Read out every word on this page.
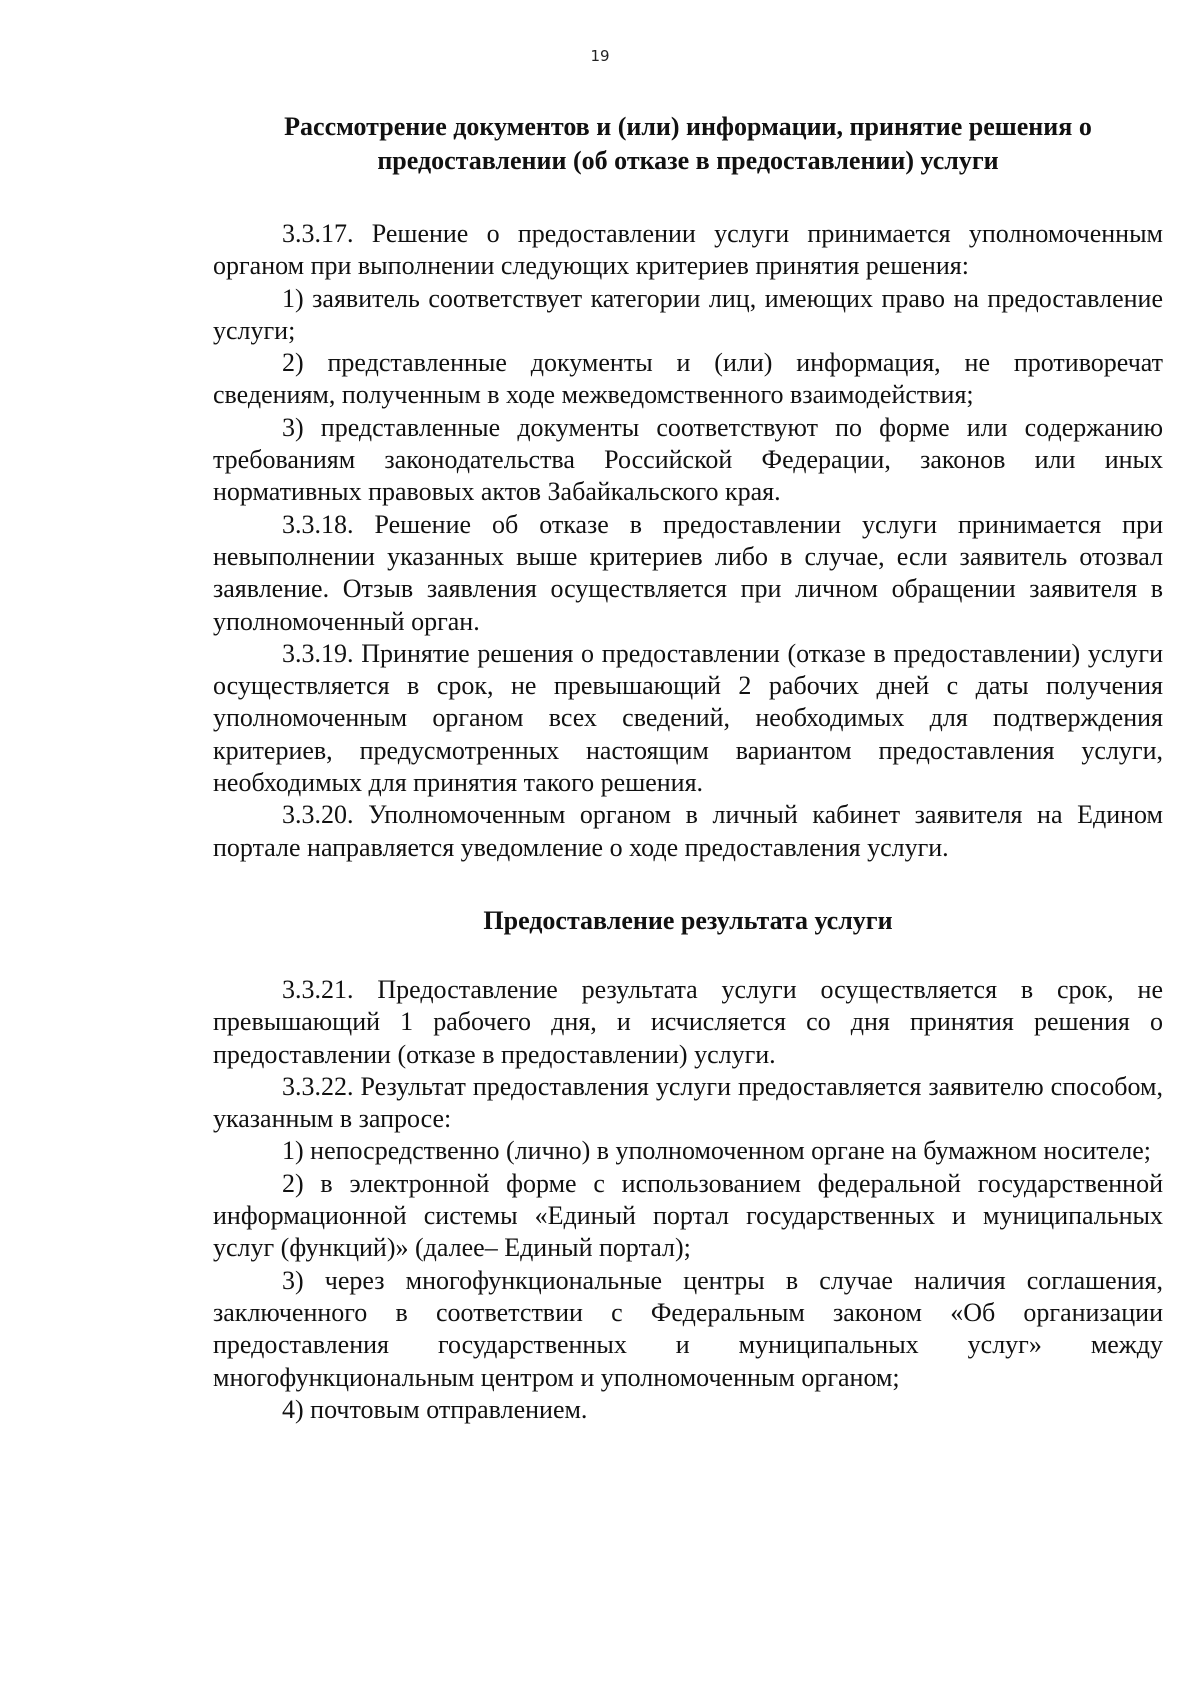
19
Рассмотрение документов и (или) информации, принятие решения о предоставлении (об отказе в предоставлении) услуги

3.3.17. Решение о предоставлении услуги принимается уполномоченным органом при выполнении следующих критериев принятия решения:

1) заявитель соответствует категории лиц, имеющих право на предоставление услуги;

2) представленные документы и (или) информация, не противоречат сведениям, полученным в ходе межведомственного взаимодействия;

3) представленные документы соответствуют по форме или содержанию требованиям законодательства Российской Федерации, законов или иных нормативных правовых актов Забайкальского края.

3.3.18. Решение об отказе в предоставлении услуги принимается при невыполнении указанных выше критериев либо в случае, если заявитель отозвал заявление. Отзыв заявления осуществляется при личном обращении заявителя в уполномоченный орган.

3.3.19. Принятие решения о предоставлении (отказе в предоставлении) услуги осуществляется в срок, не превышающий 2 рабочих дней с даты получения уполномоченным органом всех сведений, необходимых для подтверждения критериев, предусмотренных настоящим вариантом предоставления услуги, необходимых для принятия такого решения.

3.3.20. Уполномоченным органом в личный кабинет заявителя на Едином портале направляется уведомление о ходе предоставления услуги.

Предоставление результата услуги

3.3.21. Предоставление результата услуги осуществляется в срок, не превышающий 1 рабочего дня, и исчисляется со дня принятия решения о предоставлении (отказе в предоставлении) услуги.

3.3.22. Результат предоставления услуги предоставляется заявителю способом, указанным в запросе:

1) непосредственно (лично) в уполномоченном органе на бумажном носителе;

2) в электронной форме с использованием федеральной государственной информационной системы «Единый портал государственных и муниципальных услуг (функций)» (далее– Единый портал);

3) через многофункциональные центры в случае наличия соглашения, заключенного в соответствии с Федеральным законом «Об организации предоставления государственных и муниципальных услуг» между многофункциональным центром и уполномоченным органом;

4) почтовым отправлением.
